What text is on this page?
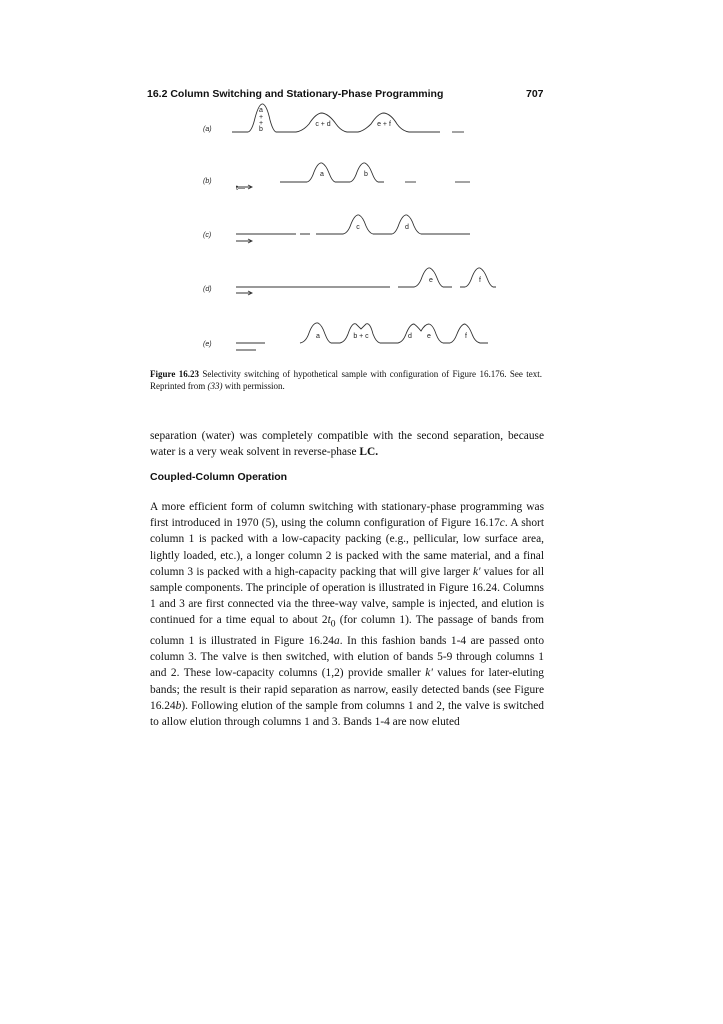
16.2 Column Switching and Stationary-Phase Programming	707
(a)
(b)
(c)
(d)
(e)
t—
a
+
+
b
c + d	e + f
a	b
c	d
e	f
a	b + c	d e	f
Figure 16.23 Selectivity switching of hypothetical sample with configuration of Figure 16.176. See text. Reprinted from (33) with permission.
separation (water) was completely compatible with the second separation, because water is a very weak solvent in reverse-phase LC.
Coupled-Column Operation
A more efficient form of column switching with stationary-phase programming was first introduced in 1970 (5), using the column configuration of Figure 16.17c. A short column 1 is packed with a low-capacity packing (e.g., pellicular, low surface area, lightly loaded, etc.), a longer column 2 is packed with the same material, and a final column 3 is packed with a high-capacity packing that will give larger k' values for all sample components. The principle of operation is illustrated in Figure 16.24. Columns 1 and 3 are first connected via the three-way valve, sample is injected, and elution is continued for a time equal to about $2t_0$ (for column 1). The passage of bands from column 1 is illustrated in Figure 16.24a. In this fashion bands 1-4 are passed onto column 3. The valve is then switched, with elution of bands 5-9 through columns 1 and 2. These low-capacity columns (1,2) provide smaller k' values for later-eluting bands; the result is their rapid separation as narrow, easily detected bands (see Figure 16.24b). Following elution of the sample from columns 1 and 2, the valve is switched to allow elution through columns 1 and 3. Bands 1-4 are now eluted
